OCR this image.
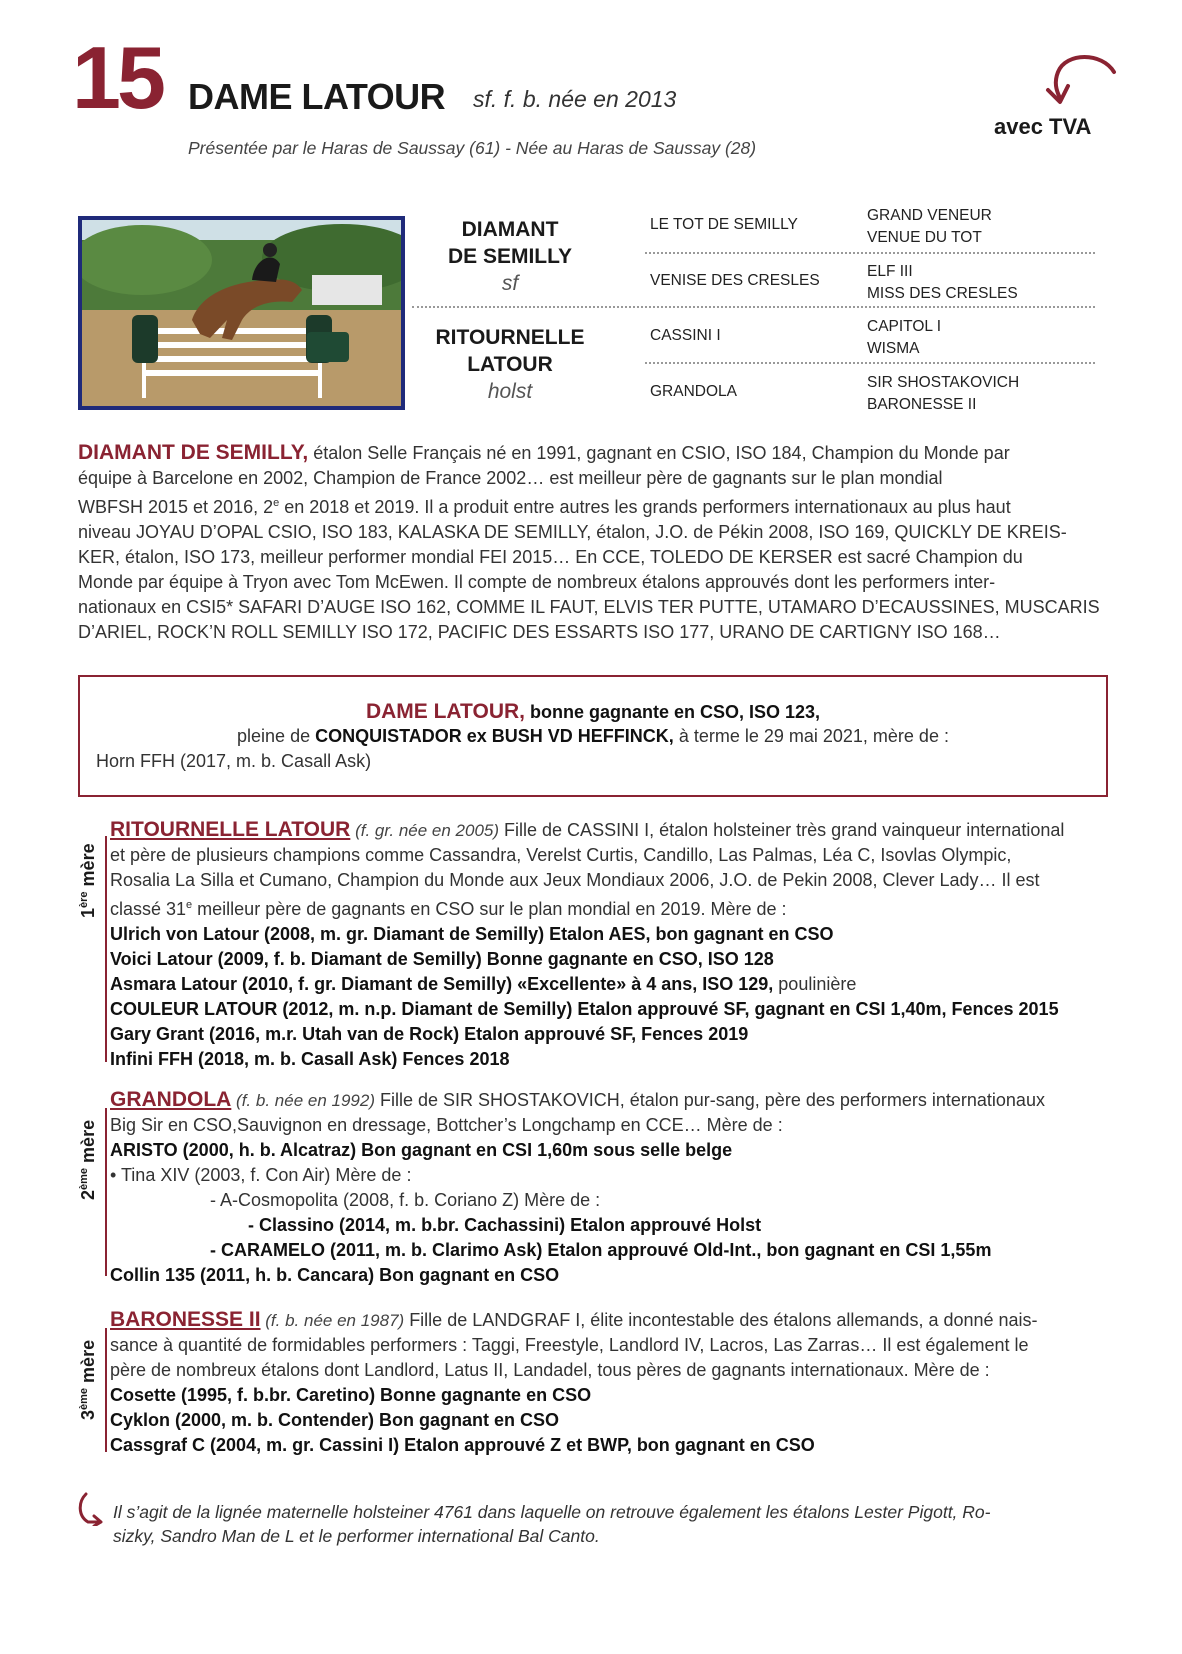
15 DAME LATOUR sf. f. b. née en 2013
Présentée par le Haras de Saussay (61) - Née au Haras de Saussay (28)
avec TVA
DIAMANT
DE SEMILLY
sf
RITOURNELLE
LATOUR
holst
LE TOT DE SEMILLY
VENISE DES CRESLES
CASSINI I
GRANDOLA
GRAND VENEUR
VENUE DU TOT
ELF III
MISS DES CRESLES
CAPITOL I
WISMA
SIR SHOSTAKOVICH
BARONESSE II
DIAMANT DE SEMILLY, étalon Selle Français né en 1991, gagnant en CSIO, ISO 184, Champion du Monde par
équipe à Barcelone en 2002, Champion de France 2002… est meilleur père de gagnants sur le plan mondial
WBFSH 2015 et 2016, 2e en 2018 et 2019. Il a produit entre autres les grands performers internationaux au plus haut
niveau JOYAU D’OPAL CSIO, ISO 183, KALASKA DE SEMILLY, étalon, J.O. de Pékin 2008, ISO 169, QUICKLY DE KREIS-
KER, étalon, ISO 173, meilleur performer mondial FEI 2015… En CCE, TOLEDO DE KERSER est sacré Champion du
Monde par équipe à Tryon avec Tom McEwen. Il compte de nombreux étalons approuvés dont les performers inter-
nationaux en CSI5* SAFARI D’AUGE ISO 162, COMME IL FAUT, ELVIS TER PUTTE, UTAMARO D’ECAUSSINES, MUSCARIS
D’ARIEL, ROCK’N ROLL SEMILLY ISO 172, PACIFIC DES ESSARTS ISO 177, URANO DE CARTIGNY ISO 168…
DAME LATOUR, bonne gagnante en CSO, ISO 123,
pleine de CONQUISTADOR ex BUSH VD HEFFINCK, à terme le 29 mai 2021, mère de :
Horn FFH (2017, m. b. Casall Ask)
1ère mère
RITOURNELLE LATOUR (f. gr. née en 2005) Fille de CASSINI I, étalon holsteiner très grand vainqueur international
et père de plusieurs champions comme Cassandra, Verelst Curtis, Candillo, Las Palmas, Léa C, Isovlas Olympic,
Rosalia La Silla et Cumano, Champion du Monde aux Jeux Mondiaux 2006, J.O. de Pekin 2008, Clever Lady… Il est
classé 31e meilleur père de gagnants en CSO sur le plan mondial en 2019. Mère de :
Ulrich von Latour (2008, m. gr. Diamant de Semilly) Etalon AES, bon gagnant en CSO
Voici Latour (2009, f. b. Diamant de Semilly) Bonne gagnante en CSO, ISO 128
Asmara Latour (2010, f. gr. Diamant de Semilly) «Excellente» à 4 ans, ISO 129, poulinière
COULEUR LATOUR (2012, m. n.p. Diamant de Semilly) Etalon approuvé SF, gagnant en CSI 1,40m, Fences 2015
Gary Grant (2016, m.r. Utah van de Rock) Etalon approuvé SF, Fences 2019
Infini FFH (2018, m. b. Casall Ask) Fences 2018
2ème mère
GRANDOLA (f. b. née en 1992) Fille de SIR SHOSTAKOVICH, étalon pur-sang, père des performers internationaux
Big Sir en CSO,Sauvignon en dressage, Bottcher’s Longchamp en CCE… Mère de :
ARISTO (2000, h. b. Alcatraz) Bon gagnant en CSI 1,60m sous selle belge
• Tina XIV (2003, f. Con Air) Mère de :
- A-Cosmopolita (2008, f. b. Coriano Z) Mère de :
- Classino (2014, m. b.br. Cachassini) Etalon approuvé Holst
- CARAMELO (2011, m. b. Clarimo Ask) Etalon approuvé Old-Int., bon gagnant en CSI 1,55m
Collin 135 (2011, h. b. Cancara) Bon gagnant en CSO
3ème mère
BARONESSE II (f. b. née en 1987) Fille de LANDGRAF I, élite incontestable des étalons allemands, a donné nais-
sance à quantité de formidables performers : Taggi, Freestyle, Landlord IV, Lacros, Las Zarras… Il est également le
père de nombreux étalons dont Landlord, Latus II, Landadel, tous pères de gagnants internationaux. Mère de :
Cosette (1995, f. b.br. Caretino) Bonne gagnante en CSO
Cyklon (2000, m. b. Contender) Bon gagnant en CSO
Cassgraf C (2004, m. gr. Cassini I) Etalon approuvé Z et BWP, bon gagnant en CSO
Il s’agit de la lignée maternelle holsteiner 4761 dans laquelle on retrouve également les étalons Lester Pigott, Ro-
sizky, Sandro Man de L et le performer international Bal Canto.
